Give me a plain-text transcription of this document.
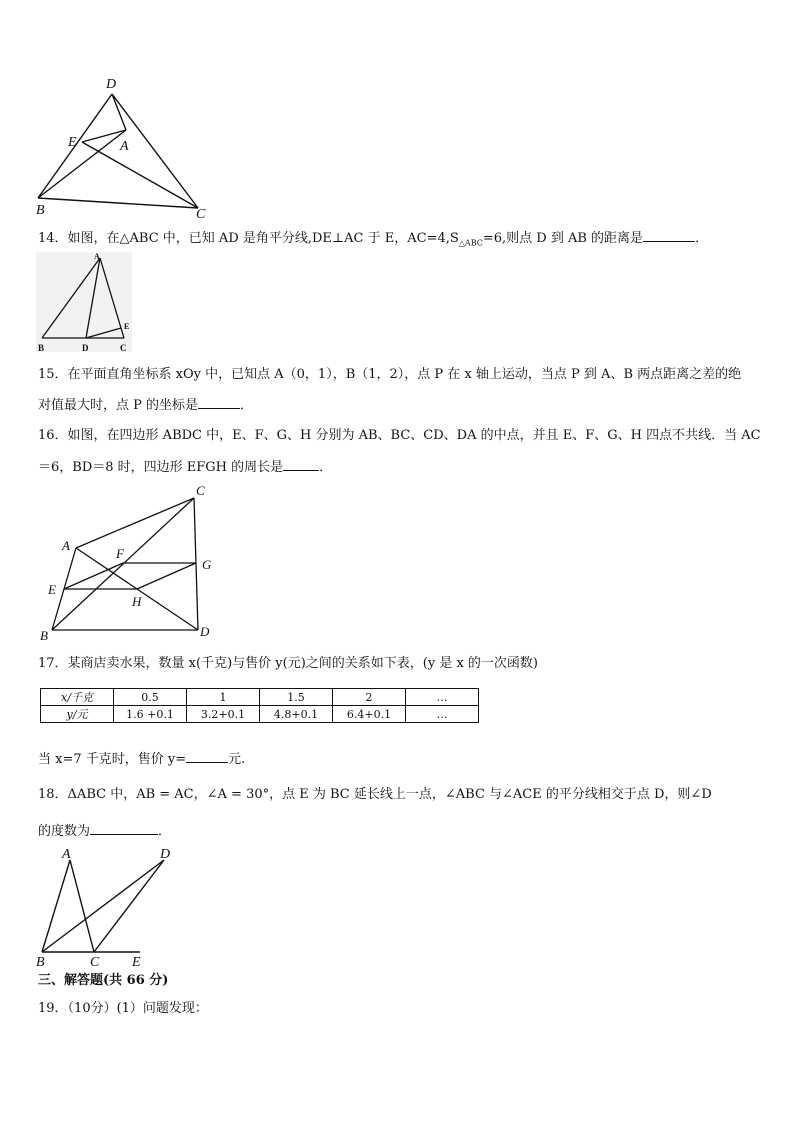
D
E	A
B	C
14．如图，在△ABC 中，已知 AD 是角平分线,DE⊥AC 于 E，$AC=4,S_{\triangle ABC}=6$,则点 D 到 AB 的距离是	．
A
E
B	D	C
15．在平面直角坐标系 xOy 中，已知点 A（0，1），B（1，2），点 P 在 x 轴上运动，当点 P 到 A、B 两点距离之差的绝
对值最大时，点 P 的坐标是	．
16．如图，在四边形 ABDC 中，E、F、G、H 分别为 AB、BC、CD、DA 的中点，并且 E、F、G、H 四点不共线．当 AC
＝6，BD＝8 时，四边形 EFGH 的周长是	．
C
A
F
G
E
H
B	D
17．某商店卖水果，数量 x(千克)与售价 y(元)之间的关系如下表，(y 是 x 的一次函数)
x/千克	0.5	1	1.5	2	…
y/元	1.6 +0.1	3.2+0.1	4.8+0.1	6.4+0.1	…
当 x=7 千克时，售价 y=	元.
18．ΔABC 中，AB = AC，∠A = 30°，点 E 为 BC 延长线上一点，∠ABC 与∠ACE 的平分线相交于点 D，则∠D
的度数为	．
A	D
B	C E
三、解答题(共 66 分)
19．（10分）(1）问题发现：
